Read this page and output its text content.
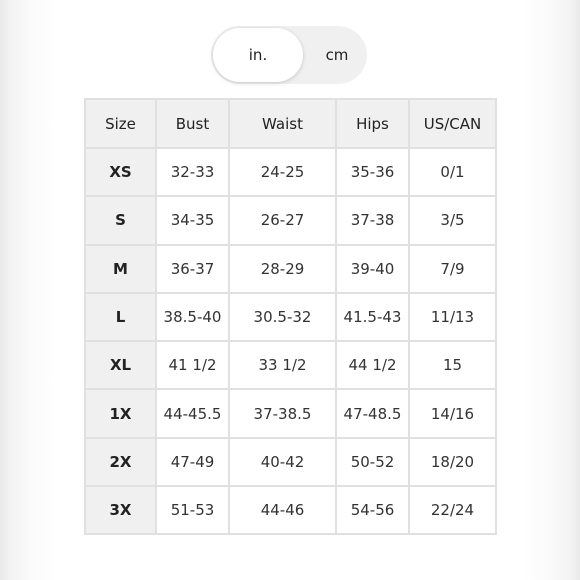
in.	cm
Size	Bust	Waist	Hips	US/CAN
XS	32-33	24-25	35-36	0/1
S	34-35	26-27	37-38	3/5
M	36-37	28-29	39-40	7/9
L	38.5-40	30.5-32	41.5-43	11/13
XL	41 1/2	33 1/2	44 1/2	15
1X	44-45.5	37-38.5	47-48.5	14/16
2X	47-49	40-42	50-52	18/20
3X	51-53	44-46	54-56	22/24
